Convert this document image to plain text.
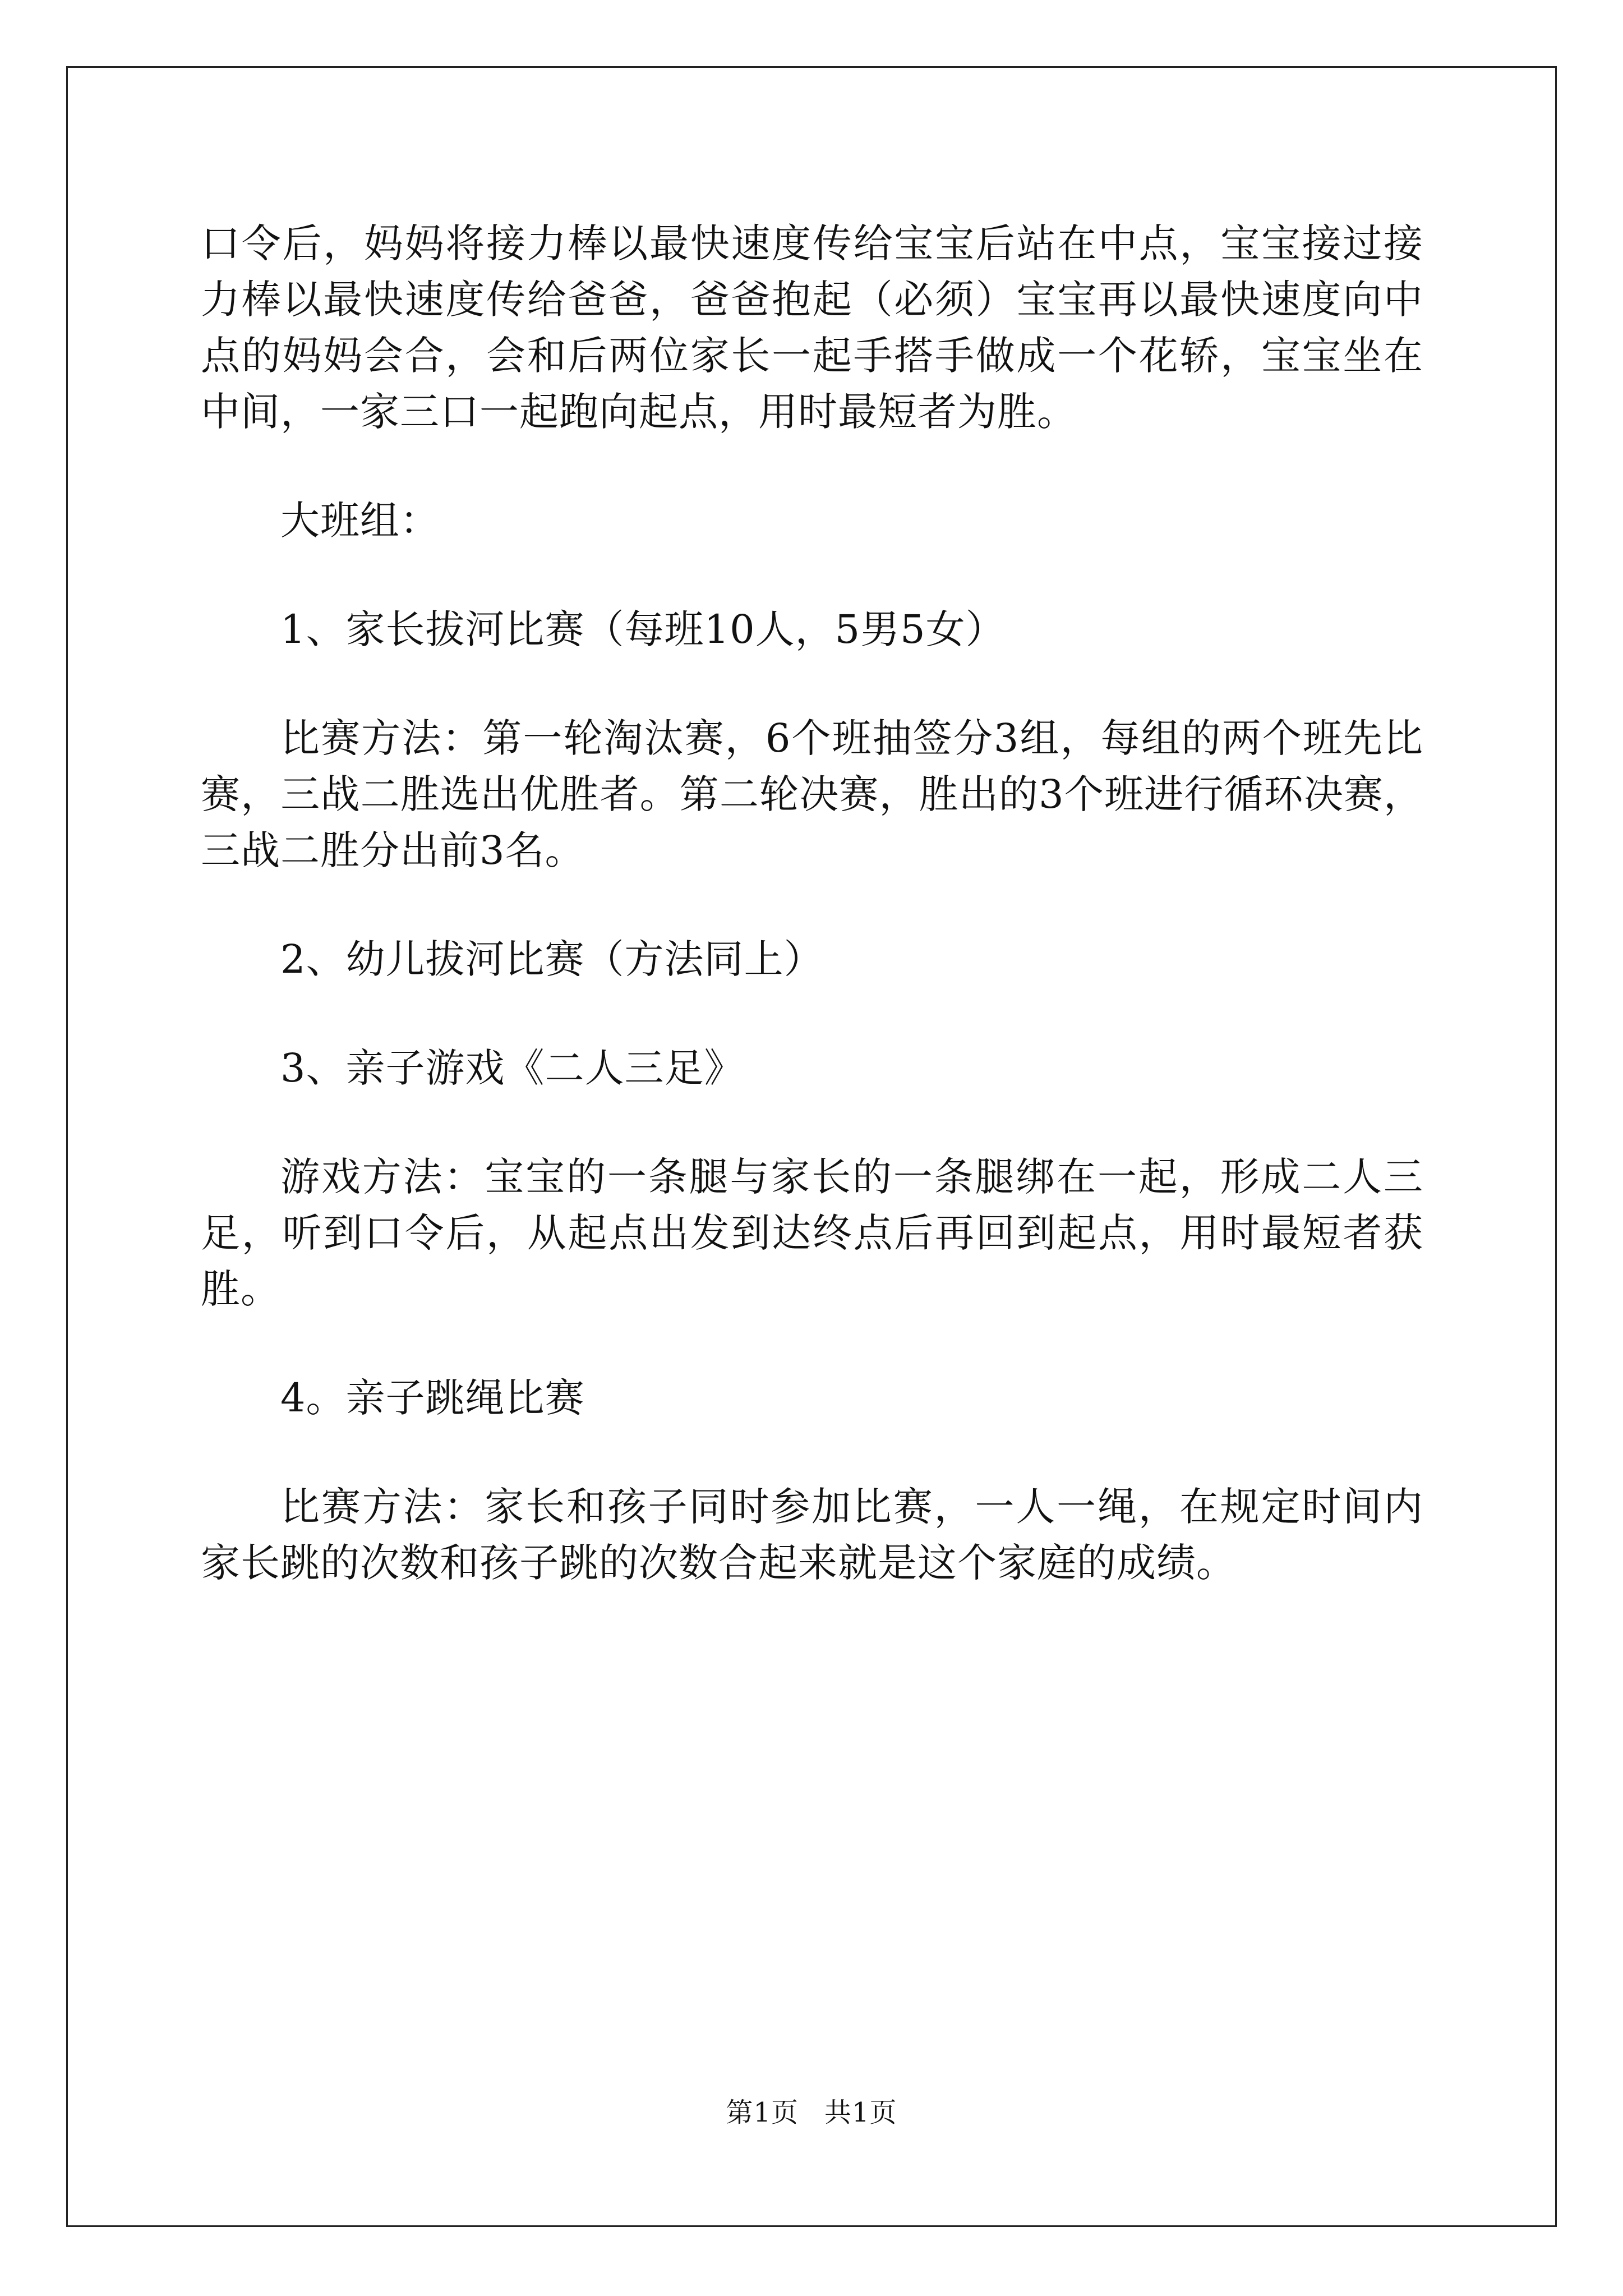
口令后，妈妈将接力棒以最快速度传给宝宝后站在中点，宝宝接过接力棒以最快速度传给爸爸，爸爸抱起（必须）宝宝再以最快速度向中点的妈妈会合，会和后两位家长一起手搭手做成一个花轿，宝宝坐在中间，一家三口一起跑向起点，用时最短者为胜。

大班组：

1、家长拔河比赛（每班10人，5男5女）

比赛方法：第一轮淘汰赛，6个班抽签分3组，每组的两个班先比赛，三战二胜选出优胜者。第二轮决赛，胜出的3个班进行循环决赛，三战二胜分出前3名。

2、幼儿拔河比赛（方法同上）

3、亲子游戏《二人三足》

游戏方法：宝宝的一条腿与家长的一条腿绑在一起，形成二人三足，听到口令后，从起点出发到达终点后再回到起点，用时最短者获胜。

4。亲子跳绳比赛

比赛方法：家长和孩子同时参加比赛，一人一绳，在规定时间内家长跳的次数和孩子跳的次数合起来就是这个家庭的成绩。

第1页 共1页
